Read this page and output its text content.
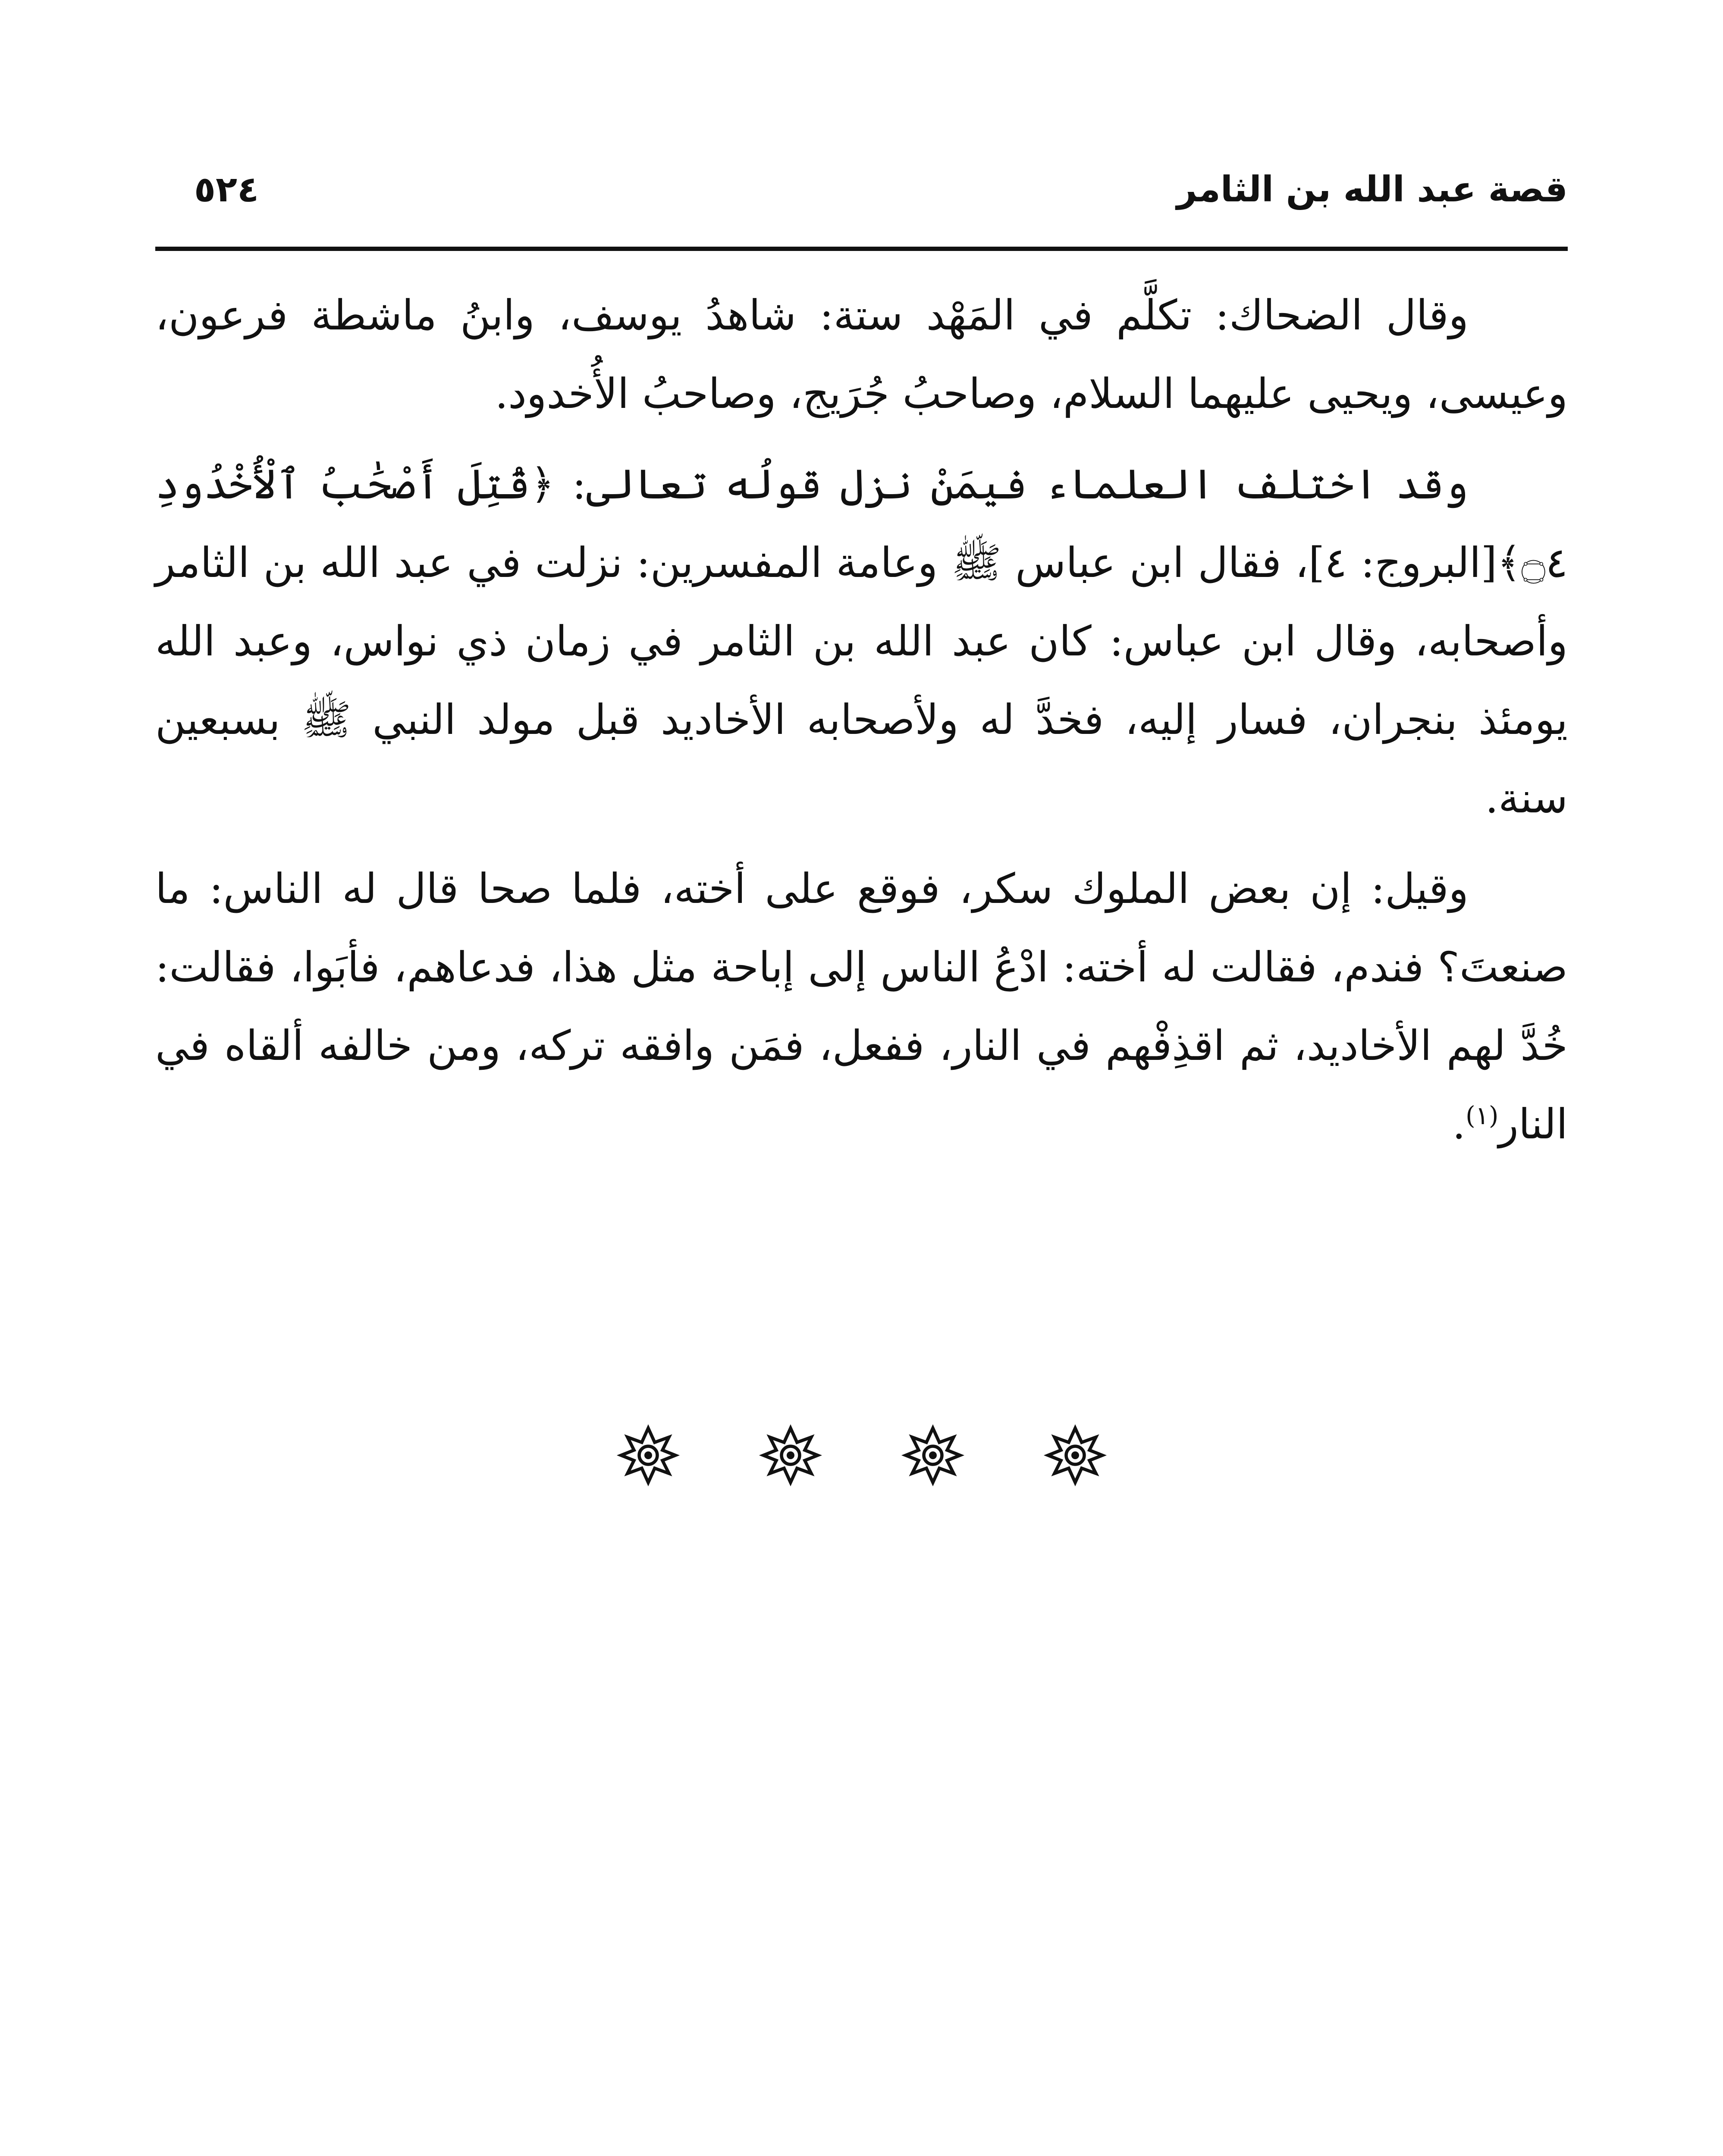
قصة عبد الله بن الثامر
٥٢٤

وقال الضحاك: تكلَّم في المَهْد ستة: شاهدُ يوسف، وابنُ ماشطة فرعون، وعيسى، ويحيى عليهما السلام، وصاحبُ جُرَيج، وصاحبُ الأُخدود.

وقد اختلف العلماء فيمَنْ نزل قولُه تعالى: ﴿قُتِلَ أَصْحَٰبُ ٱلْأُخْدُودِ ۝٤﴾[البروج: ٤]، فقال ابن عباس ﷺ وعامة المفسرين: نزلت في عبد الله بن الثامر وأصحابه، وقال ابن عباس: كان عبد الله بن الثامر في زمان ذي نواس، وعبد الله يومئذ بنجران، فسار إليه، فخدَّ له ولأصحابه الأخاديد قبل مولد النبي ﷺ بسبعين سنة.

وقيل: إن بعض الملوك سكر، فوقع على أخته، فلما صحا قال له الناس: ما صنعتَ؟ فندم، فقالت له أخته: ادْعُ الناس إلى إباحة مثل هذا، فدعاهم، فأبَوا، فقالت: خُدَّ لهم الأخاديد، ثم اقذِفْهم في النار، ففعل، فمَن وافقه تركه، ومن خالفه ألقاه في النار$^{(١)}$.
